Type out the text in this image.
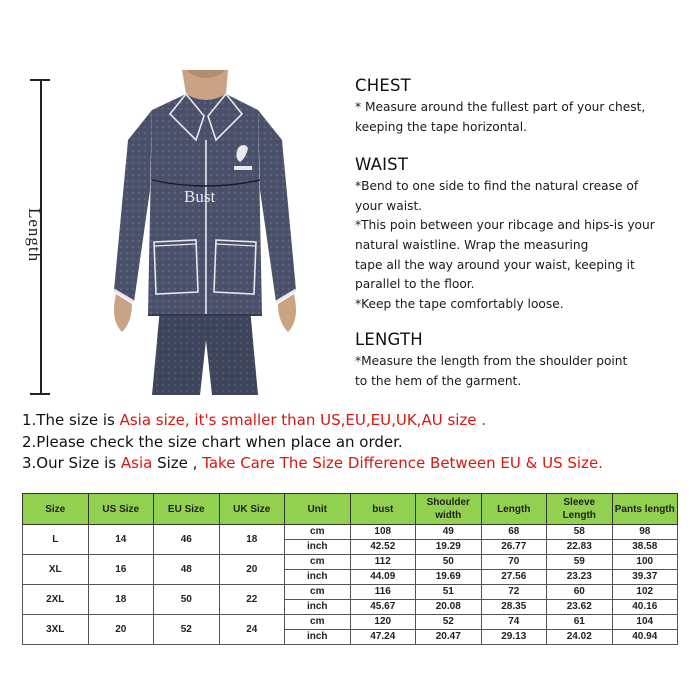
Length
Bust
CHEST

* Measure around the fullest part of your chest,

keeping the tape horizontal.

WAIST

*Bend to one side to find the natural crease of

your waist.

*This poin between your ribcage and hips-is your

natural waistline. Wrap the measuring

tape all the way around your waist, keeping it

parallel to the floor.

*Keep the tape comfortably loose.

LENGTH

*Measure the length from the shoulder point

to the hem of the garment.

1.The size is Asia size, it's smaller than US,EU,EU,UK,AU size .
2.Please check the size chart when place an order.
3.Our Size is Asia Size , Take Care The Size Difference Between EU & US Size.
Size	US Size	EU Size	UK Size	Unit	bust	Shoulder width	Length	Sleeve Length	Pants length
L	14	46	18	cm	108	49	68	58	98
				inch	42.52	19.29	26.77	22.83	38.58
XL	16	48	20	cm	112	50	70	59	100
				inch	44.09	19.69	27.56	23.23	39.37
2XL	18	50	22	cm	116	51	72	60	102
				inch	45.67	20.08	28.35	23.62	40.16
3XL	20	52	24	cm	120	52	74	61	104
				inch	47.24	20.47	29.13	24.02	40.94
